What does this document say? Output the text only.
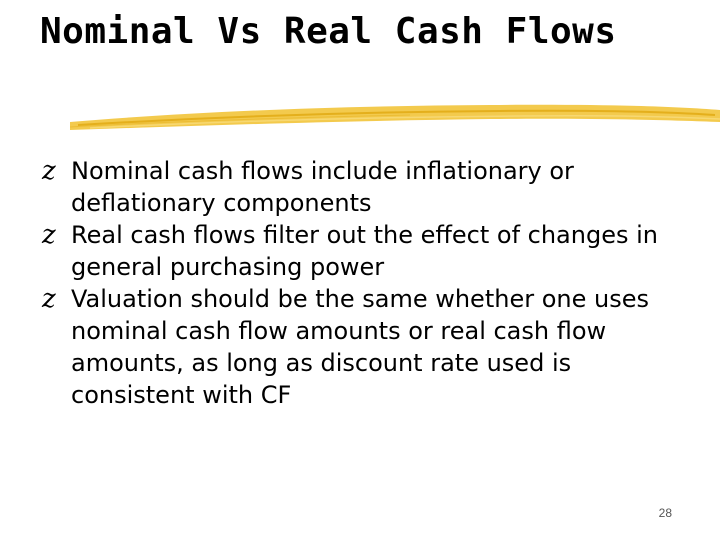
Nominal Vs Real Cash Flows
z Nominal cash flows include inflationary or deflationary components
z Real cash flows filter out the effect of changes in general purchasing power
z Valuation should be the same whether one uses nominal cash flow amounts or real cash flow amounts, as long as discount rate used is consistent with CF
28
